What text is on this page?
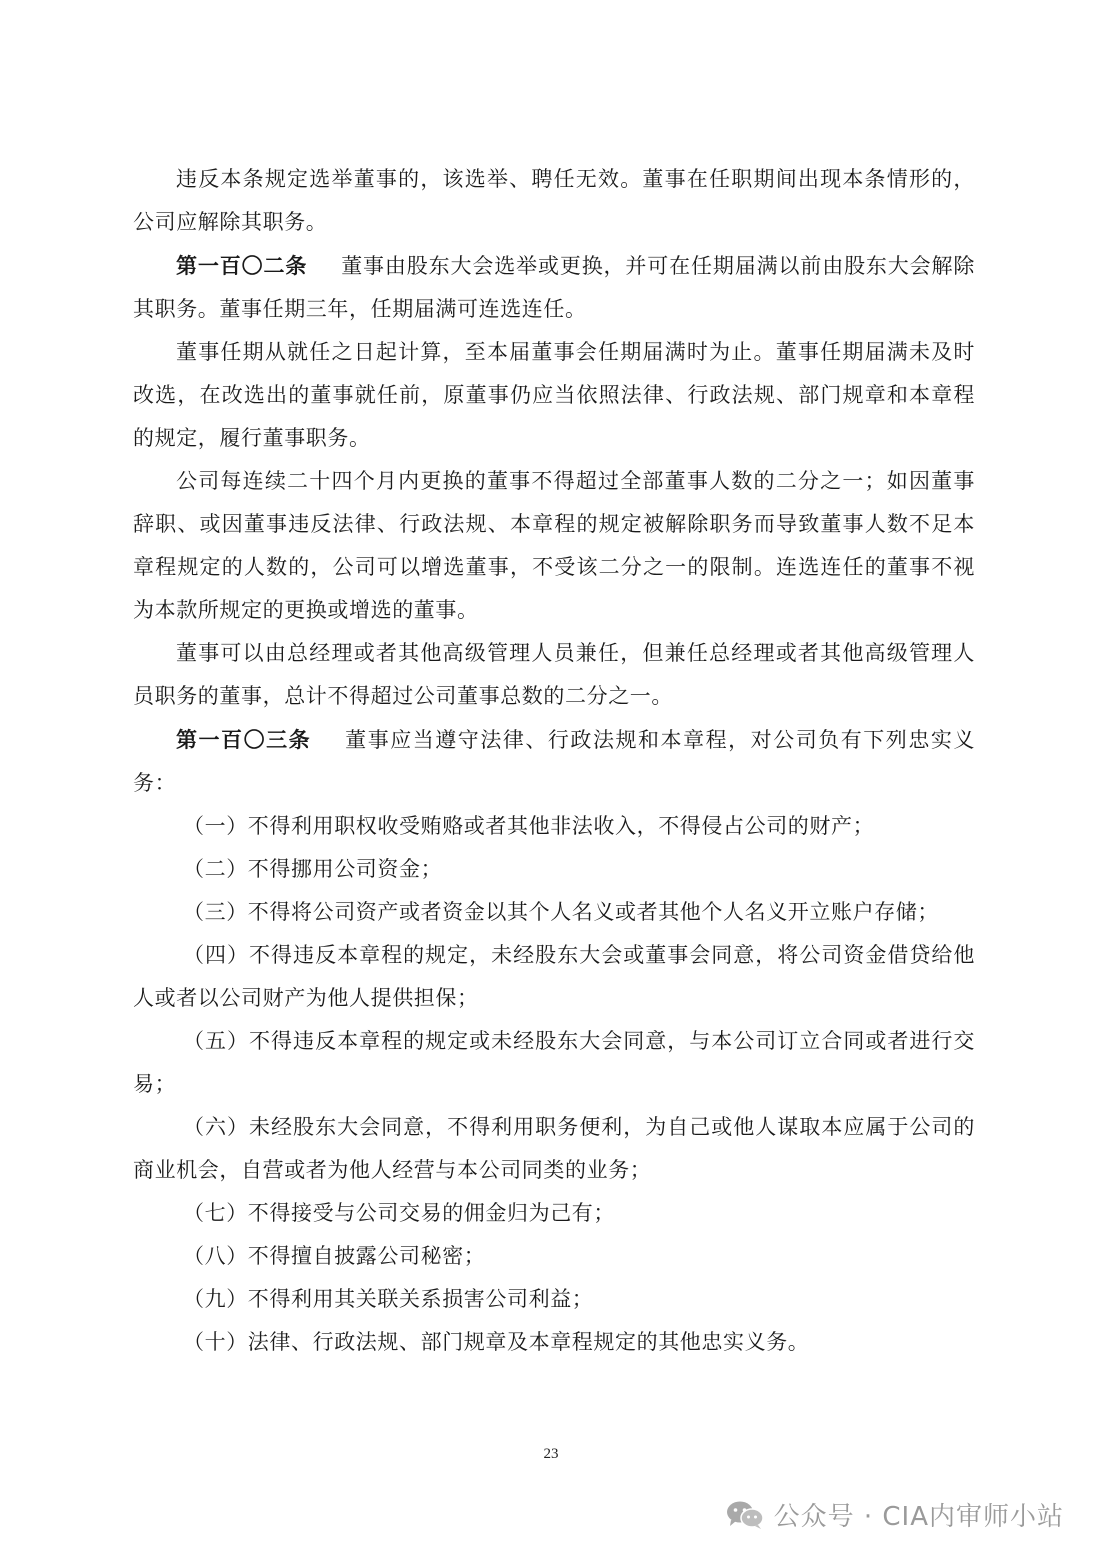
违反本条规定选举董事的，该选举、聘任无效。董事在任职期间出现本条情形的，公司应解除其职务。

第一百〇二条 董事由股东大会选举或更换，并可在任期届满以前由股东大会解除其职务。董事任期三年，任期届满可连选连任。

董事任期从就任之日起计算，至本届董事会任期届满时为止。董事任期届满未及时改选，在改选出的董事就任前，原董事仍应当依照法律、行政法规、部门规章和本章程的规定，履行董事职务。

公司每连续二十四个月内更换的董事不得超过全部董事人数的二分之一；如因董事辞职、或因董事违反法律、行政法规、本章程的规定被解除职务而导致董事人数不足本章程规定的人数的，公司可以增选董事，不受该二分之一的限制。连选连任的董事不视为本款所规定的更换或增选的董事。

董事可以由总经理或者其他高级管理人员兼任，但兼任总经理或者其他高级管理人员职务的董事，总计不得超过公司董事总数的二分之一。

第一百〇三条 董事应当遵守法律、行政法规和本章程，对公司负有下列忠实义务：

（一）不得利用职权收受贿赂或者其他非法收入，不得侵占公司的财产；

（二）不得挪用公司资金；

（三）不得将公司资产或者资金以其个人名义或者其他个人名义开立账户存储；

（四）不得违反本章程的规定，未经股东大会或董事会同意，将公司资金借贷给他人或者以公司财产为他人提供担保；

（五）不得违反本章程的规定或未经股东大会同意，与本公司订立合同或者进行交易；

（六）未经股东大会同意，不得利用职务便利，为自己或他人谋取本应属于公司的商业机会，自营或者为他人经营与本公司同类的业务；

（七）不得接受与公司交易的佣金归为己有；

（八）不得擅自披露公司秘密；

（九）不得利用其关联关系损害公司利益；

（十）法律、行政法规、部门规章及本章程规定的其他忠实义务。

23
公众号 · CIA内审师小站
